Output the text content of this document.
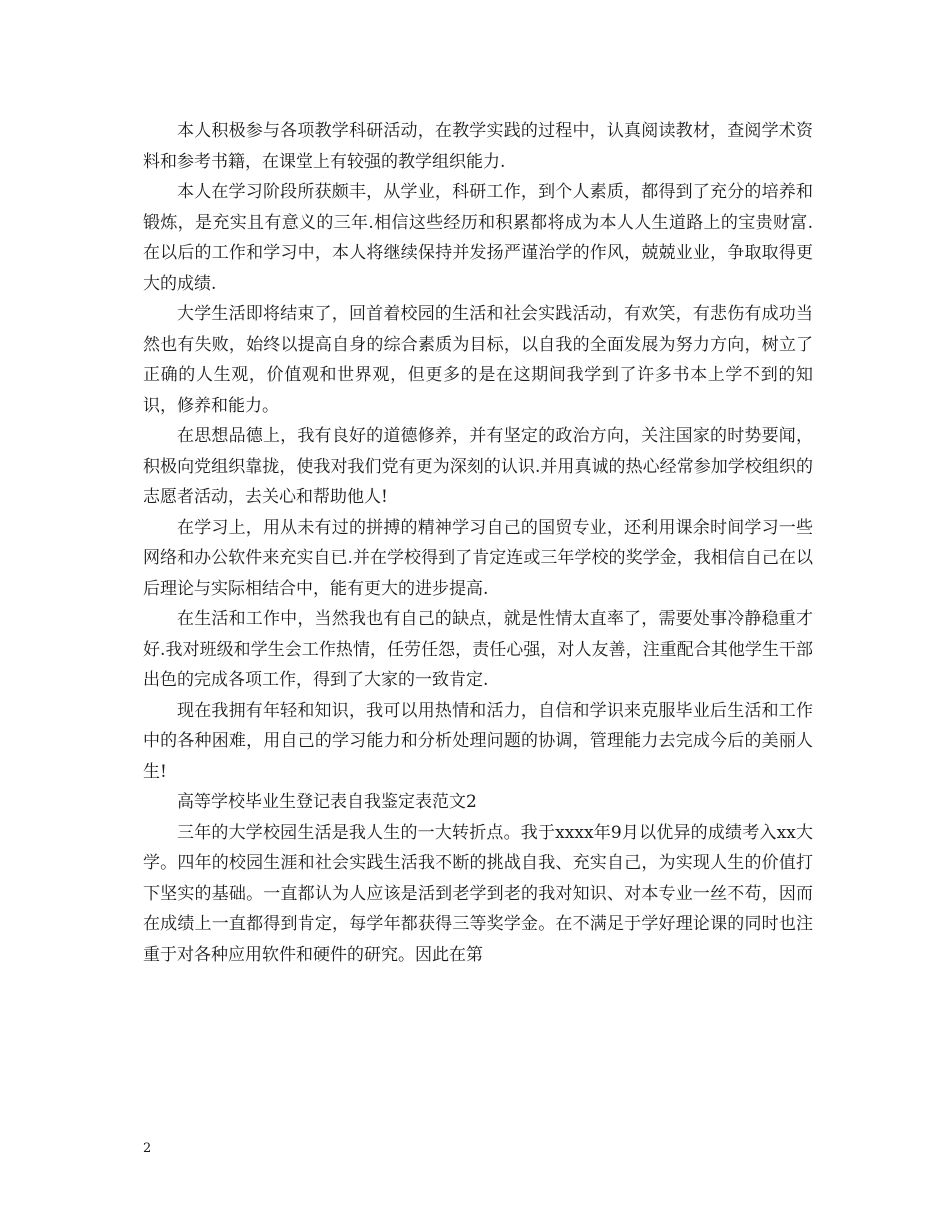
本人积极参与各项教学科研活动，在教学实践的过程中，认真阅读教材，查阅学术资料和参考书籍，在课堂上有较强的教学组织能力.

本人在学习阶段所获颇丰，从学业，科研工作，到个人素质，都得到了充分的培养和锻炼，是充实且有意义的三年.相信这些经历和积累都将成为本人人生道路上的宝贵财富.在以后的工作和学习中，本人将继续保持并发扬严谨治学的作风，兢兢业业，争取取得更大的成绩.

大学生活即将结束了，回首着校园的生活和社会实践活动，有欢笑，有悲伤有成功当然也有失败，始终以提高自身的综合素质为目标，以自我的全面发展为努力方向，树立了正确的人生观，价值观和世界观，但更多的是在这期间我学到了许多书本上学不到的知识，修养和能力。

在思想品德上，我有良好的道德修养，并有坚定的政治方向，关注国家的时势要闻，积极向党组织靠拢，使我对我们党有更为深刻的认识.并用真诚的热心经常参加学校组织的志愿者活动，去关心和帮助他人!

在学习上，用从未有过的拼搏的精神学习自己的国贸专业，还利用课余时间学习一些网络和办公软件来充实自已.并在学校得到了肯定连或三年学校的奖学金，我相信自己在以后理论与实际相结合中，能有更大的进步提高.

在生活和工作中，当然我也有自己的缺点，就是性情太直率了，需要处事冷静稳重才好.我对班级和学生会工作热情，任劳任怨，责任心强，对人友善，注重配合其他学生干部出色的完成各项工作，得到了大家的一致肯定.

现在我拥有年轻和知识，我可以用热情和活力，自信和学识来克服毕业后生活和工作中的各种困难，用自己的学习能力和分析处理问题的协调，管理能力去完成今后的美丽人生!

高等学校毕业生登记表自我鉴定表范文2

三年的大学校园生活是我人生的一大转折点。我于xxxx年9月以优异的成绩考入xx大学。四年的校园生涯和社会实践生活我不断的挑战自我、充实自己，为实现人生的价值打下坚实的基础。一直都认为人应该是活到老学到老的我对知识、对本专业一丝不苟，因而在成绩上一直都得到肯定，每学年都获得三等奖学金。在不满足于学好理论课的同时也注重于对各种应用软件和硬件的研究。因此在第

2
